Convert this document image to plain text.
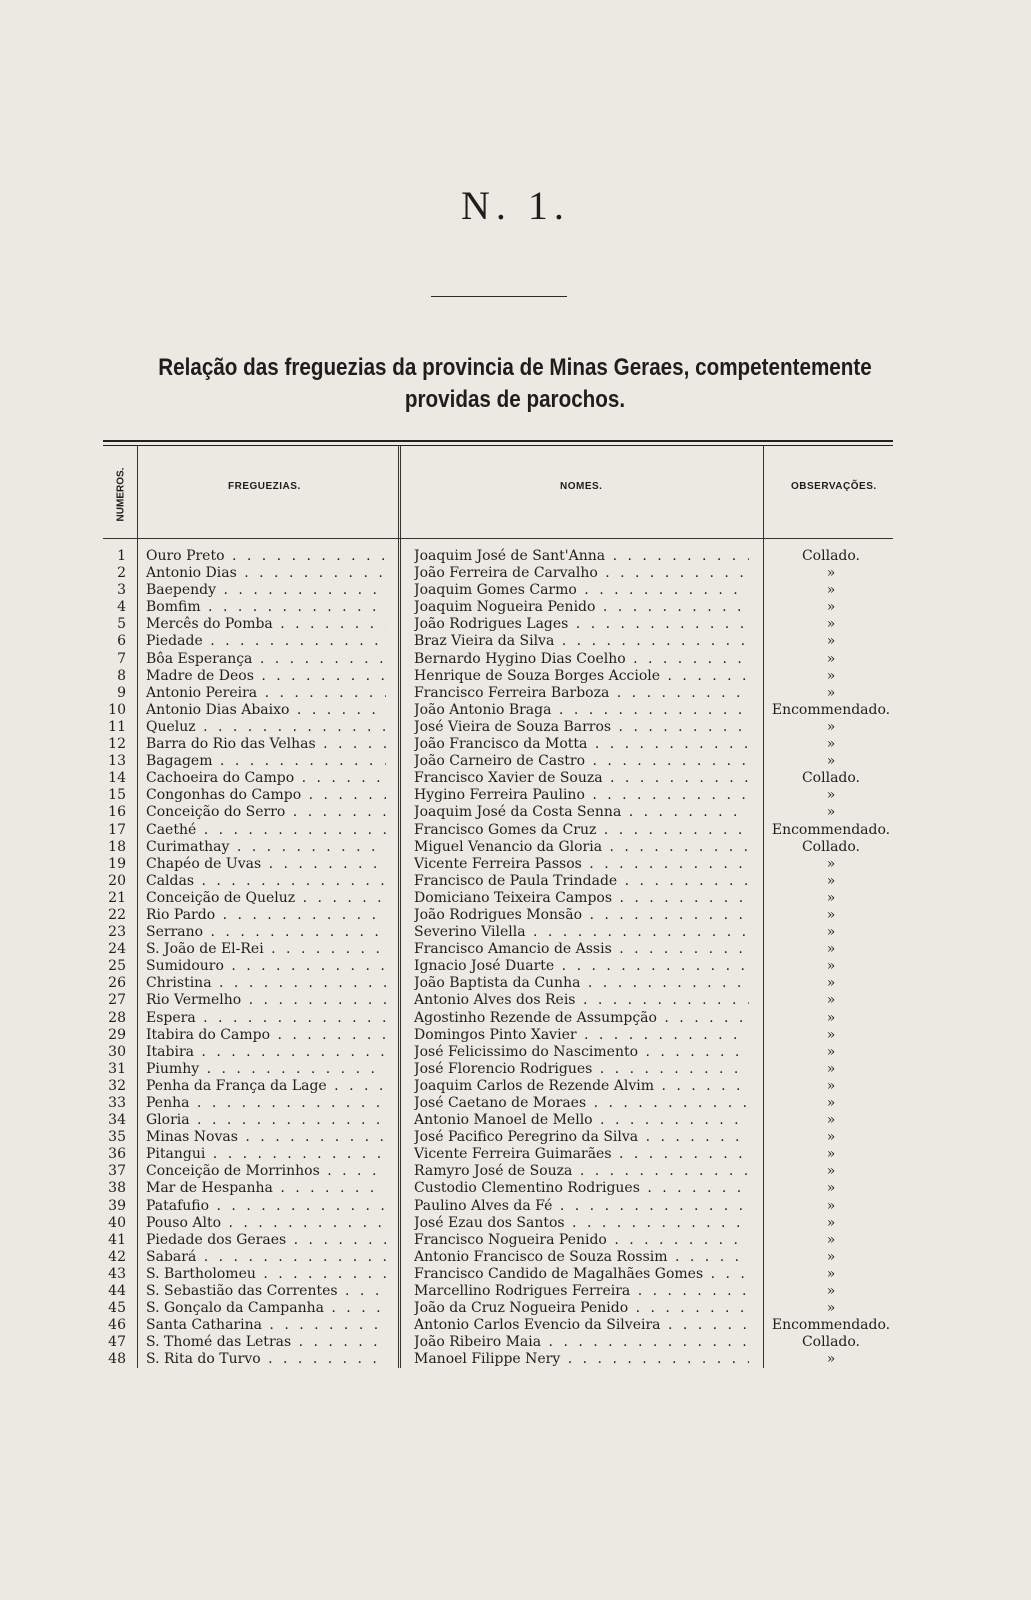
N. 1.
Relação das freguezias da provincia de Minas Geraes, competentemente providas de parochos.
NUMEROS.	FREGUEZIAS.	NOMES.	OBSERVAÇÕES.
1 Ouro Preto . . .	Joaquim José de Sant'Anna . . .	Collado.
2 Antonio Dias . . .	João Ferreira de Carvalho . . .	»
3 Baependy . . .	Joaquim Gomes Carmo . . .	»
4 Bomfim . . .	Joaquim Nogueira Penido . . .	»
5 Mercês do Pomba . . .	João Rodrigues Lages . . .	»
6 Piedade . . .	Braz Vieira da Silva . . .	»
7 Bôa Esperança . . .	Bernardo Hygino Dias Coelho . . .	»
8 Madre de Deos . . .	Henrique de Souza Borges Acciole . . .	»
9 Antonio Pereira . . .	Francisco Ferreira Barboza . . .	»
10 Antonio Dias Abaixo . . .	João Antonio Braga . . .	Encommendado.
11 Queluz . . .	José Vieira de Souza Barros . . .	»
12 Barra do Rio das Velhas . . .	João Francisco da Motta . . .	»
13 Bagagem . . .	João Carneiro de Castro . . .	»
14 Cachoeira do Campo . . .	Francisco Xavier de Souza . . .	Collado.
15 Congonhas do Campo . . .	Hygino Ferreira Paulino . . .	»
16 Conceição do Serro . . .	Joaquim José da Costa Senna . . .	»
17 Caethé . . .	Francisco Gomes da Cruz . . .	Encommendado.
18 Curimathay . . .	Miguel Venancio da Gloria . . .	Collado.
19 Chapéo de Uvas . . .	Vicente Ferreira Passos . . .	»
20 Caldas . . .	Francisco de Paula Trindade . . .	»
21 Conceição de Queluz . . .	Domiciano Teixeira Campos . . .	»
22 Rio Pardo . . .	João Rodrigues Monsão . . .	»
23 Serrano . . .	Severino Vilella . . .	»
24 S. João de El-Rei . . .	Francisco Amancio de Assis . . .	»
25 Sumidouro . . .	Ignacio José Duarte . . .	»
26 Christina . . .	João Baptista da Cunha . . .	»
27 Rio Vermelho . . .	Antonio Alves dos Reis . . .	»
28 Espera . . .	Agostinho Rezende de Assumpção . . .	»
29 Itabira do Campo . . .	Domingos Pinto Xavier . . .	»
30 Itabira . . .	José Felicissimo do Nascimento . . .	»
31 Piumhy . . .	José Florencio Rodrigues . . .	»
32 Penha da França da Lage . . .	Joaquim Carlos de Rezende Alvim . . .	»
33 Penha . . .	José Caetano de Moraes . . .	»
34 Gloria . . .	Antonio Manoel de Mello . . .	»
35 Minas Novas . . .	José Pacifico Peregrino da Silva . . .	»
36 Pitangui . . .	Vicente Ferreira Guimarães . . .	»
37 Conceição de Morrinhos . . .	Ramyro José de Souza . . .	»
38 Mar de Hespanha . . .	Custodio Clementino Rodrigues . . .	»
39 Patafufio . . .	Paulino Alves da Fé . . .	»
40 Pouso Alto . . .	José Ezau dos Santos . . .	»
41 Piedade dos Geraes . . .	Francisco Nogueira Penido . . .	»
42 Sabará . . .	Antonio Francisco de Souza Rossim . . .	»
43 S. Bartholomeu . . .	Francisco Candido de Magalhães Gomes . . .	»
44 S. Sebastião das Correntes . . .	Marcellino Rodrigues Ferreira . . .	»
45 S. Gonçalo da Campanha . . .	João da Cruz Nogueira Penido . . .	»
46 Santa Catharina . . .	Antonio Carlos Evencio da Silveira . . .	Encommendado.
47 S. Thomé das Letras . . .	João Ribeiro Maia . . .	Collado.
48 S. Rita do Turvo . . .	Manoel Filippe Nery . . .	»
